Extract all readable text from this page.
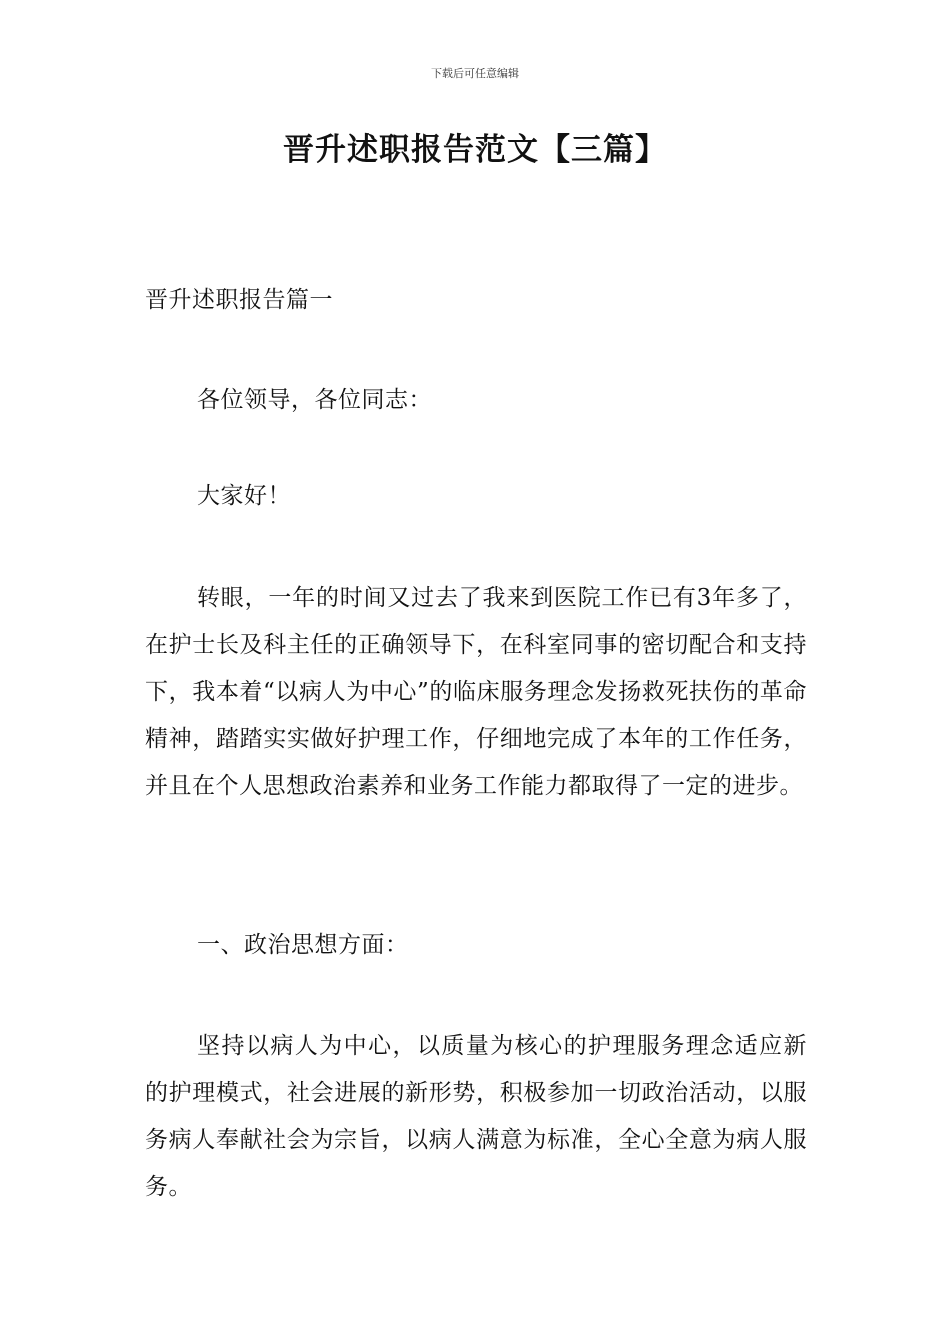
下载后可任意编辑
晋升述职报告范文【三篇】

晋升述职报告篇一

各位领导，各位同志：

大家好！

转眼，一年的时间又过去了我来到医院工作已有3年多了，在护士长及科主任的正确领导下，在科室同事的密切配合和支持下，我本着“以病人为中心”的临床服务理念发扬救死扶伤的革命精神，踏踏实实做好护理工作，仔细地完成了本年的工作任务，并且在个人思想政治素养和业务工作能力都取得了一定的进步。

一、政治思想方面：

坚持以病人为中心，以质量为核心的护理服务理念适应新的护理模式，社会进展的新形势，积极参加一切政治活动，以服务病人奉献社会为宗旨，以病人满意为标准，全心全意为病人服务。
